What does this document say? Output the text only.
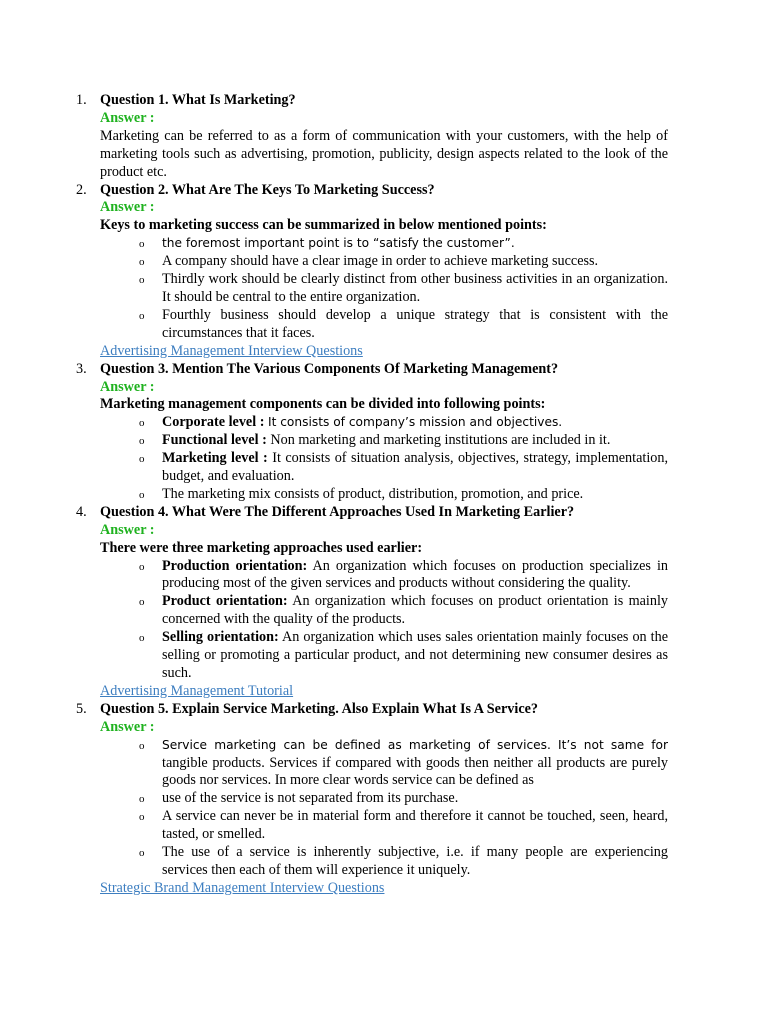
1. Question 1. What Is Marketing?
Answer :
Marketing can be referred to as a form of communication with your customers, with the help of marketing tools such as advertising, promotion, publicity, design aspects related to the look of the product etc.
2. Question 2. What Are The Keys To Marketing Success?
Answer :
Keys to marketing success can be summarized in below mentioned points:
o the foremost important point is to “satisfy the customer”.
o A company should have a clear image in order to achieve marketing success.
o Thirdly work should be clearly distinct from other business activities in an organization. It should be central to the entire organization.
o Fourthly business should develop a unique strategy that is consistent with the circumstances that it faces.
Advertising Management Interview Questions
3. Question 3. Mention The Various Components Of Marketing Management?
Answer :
Marketing management components can be divided into following points:
o Corporate level : It consists of company’s mission and objectives.
o Functional level : Non marketing and marketing institutions are included in it.
o Marketing level : It consists of situation analysis, objectives, strategy, implementation, budget, and evaluation.
o The marketing mix consists of product, distribution, promotion, and price.
4. Question 4. What Were The Different Approaches Used In Marketing Earlier?
Answer :
There were three marketing approaches used earlier:
o Production orientation: An organization which focuses on production specializes in producing most of the given services and products without considering the quality.
o Product orientation: An organization which focuses on product orientation is mainly concerned with the quality of the products.
o Selling orientation: An organization which uses sales orientation mainly focuses on the selling or promoting a particular product, and not determining new consumer desires as such.
Advertising Management Tutorial
5. Question 5. Explain Service Marketing. Also Explain What Is A Service?
Answer :
o Service marketing can be defined as marketing of services. It’s not same for tangible products. Services if compared with goods then neither all products are purely goods nor services. In more clear words service can be defined as
o use of the service is not separated from its purchase.
o A service can never be in material form and therefore it cannot be touched, seen, heard, tasted, or smelled.
o The use of a service is inherently subjective, i.e. if many people are experiencing services then each of them will experience it uniquely.
Strategic Brand Management Interview Questions
